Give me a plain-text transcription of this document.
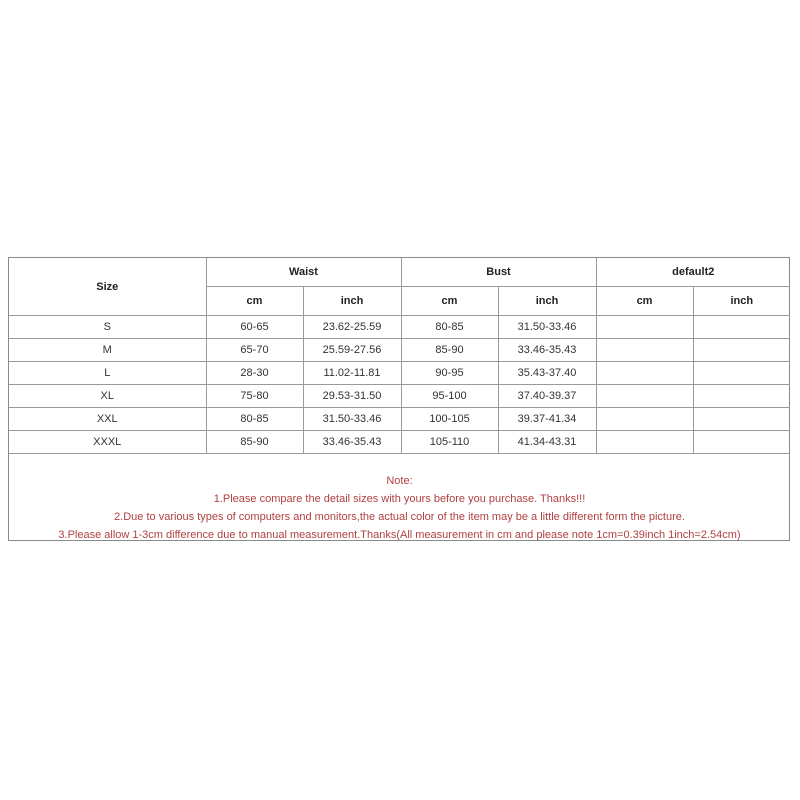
Size	Waist		Bust		default2	
	cm	inch	cm	inch	cm	inch
S	60-65	23.62-25.59	80-85	31.50-33.46		
M	65-70	25.59-27.56	85-90	33.46-35.43		
L	28-30	11.02-11.81	90-95	35.43-37.40		
XL	75-80	29.53-31.50	95-100	37.40-39.37		
XXL	80-85	31.50-33.46	100-105	39.37-41.34		
XXXL	85-90	33.46-35.43	105-110	41.34-43.31		
Note:
1.Please compare the detail sizes with yours before you purchase. Thanks!!!
2.Due to various types of computers and monitors,the actual color of the item may be a little different form the picture.
3.Please allow 1-3cm difference due to manual measurement.Thanks(All measurement in cm and please note 1cm=0.39inch 1inch=2.54cm)
